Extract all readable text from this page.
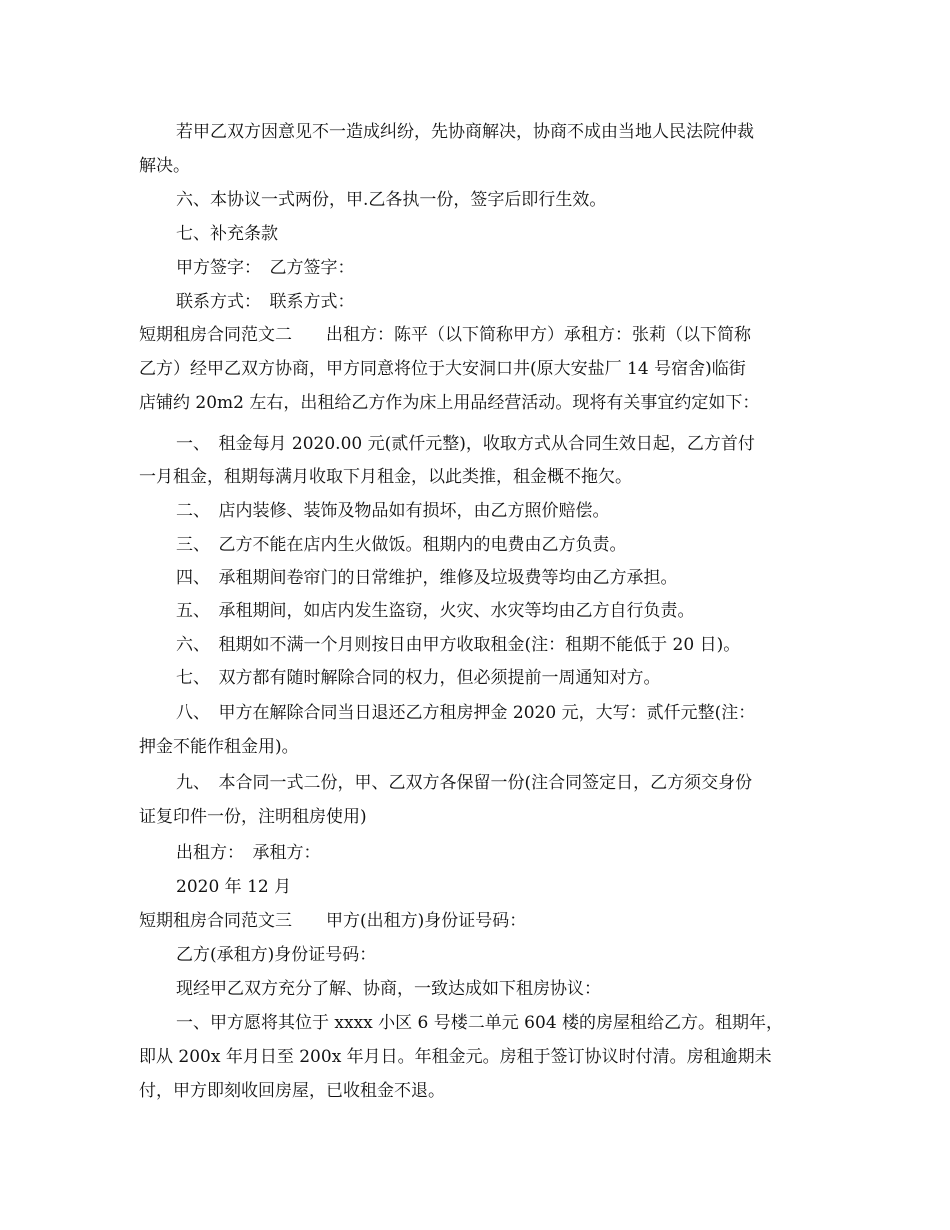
若甲乙双方因意见不一造成纠纷，先协商解决，协商不成由当地人民法院仲裁
解决。
六、本协议一式两份，甲.乙各执一份，签字后即行生效。
七、补充条款
甲方签字：　乙方签字：
联系方式：　联系方式：
短期租房合同范文二　　出租方：陈平（以下简称甲方）承租方：张莉（以下简称
乙方）经甲乙双方协商，甲方同意将位于大安洞口井(原大安盐厂 14 号宿舍)临街
店铺约 20m2 左右，出租给乙方作为床上用品经营活动。现将有关事宜约定如下：
一、　租金每月 2020.00 元(贰仟元整)，收取方式从合同生效日起，乙方首付
一月租金，租期每满月收取下月租金，以此类推，租金概不拖欠。
二、　店内装修、装饰及物品如有损坏，由乙方照价赔偿。
三、　乙方不能在店内生火做饭。租期内的电费由乙方负责。
四、　承租期间卷帘门的日常维护，维修及垃圾费等均由乙方承担。
五、　承租期间，如店内发生盗窃，火灾、水灾等均由乙方自行负责。
六、　租期如不满一个月则按日由甲方收取租金(注：租期不能低于 20 日)。
七、　双方都有随时解除合同的权力，但必须提前一周通知对方。
八、　甲方在解除合同当日退还乙方租房押金 2020 元，大写：贰仟元整(注：
押金不能作租金用)。
九、　本合同一式二份，甲、乙双方各保留一份(注合同签定日，乙方须交身份
证复印件一份，注明租房使用)
出租方：　承租方：
2020 年 12 月
短期租房合同范文三　　甲方(出租方)身份证号码：
乙方(承租方)身份证号码：
现经甲乙双方充分了解、协商，一致达成如下租房协议：
一、甲方愿将其位于 xxxx 小区 6 号楼二单元 604 楼的房屋租给乙方。租期年，
即从 200x 年月日至 200x 年月日。年租金元。房租于签订协议时付清。房租逾期未
付，甲方即刻收回房屋，已收租金不退。
